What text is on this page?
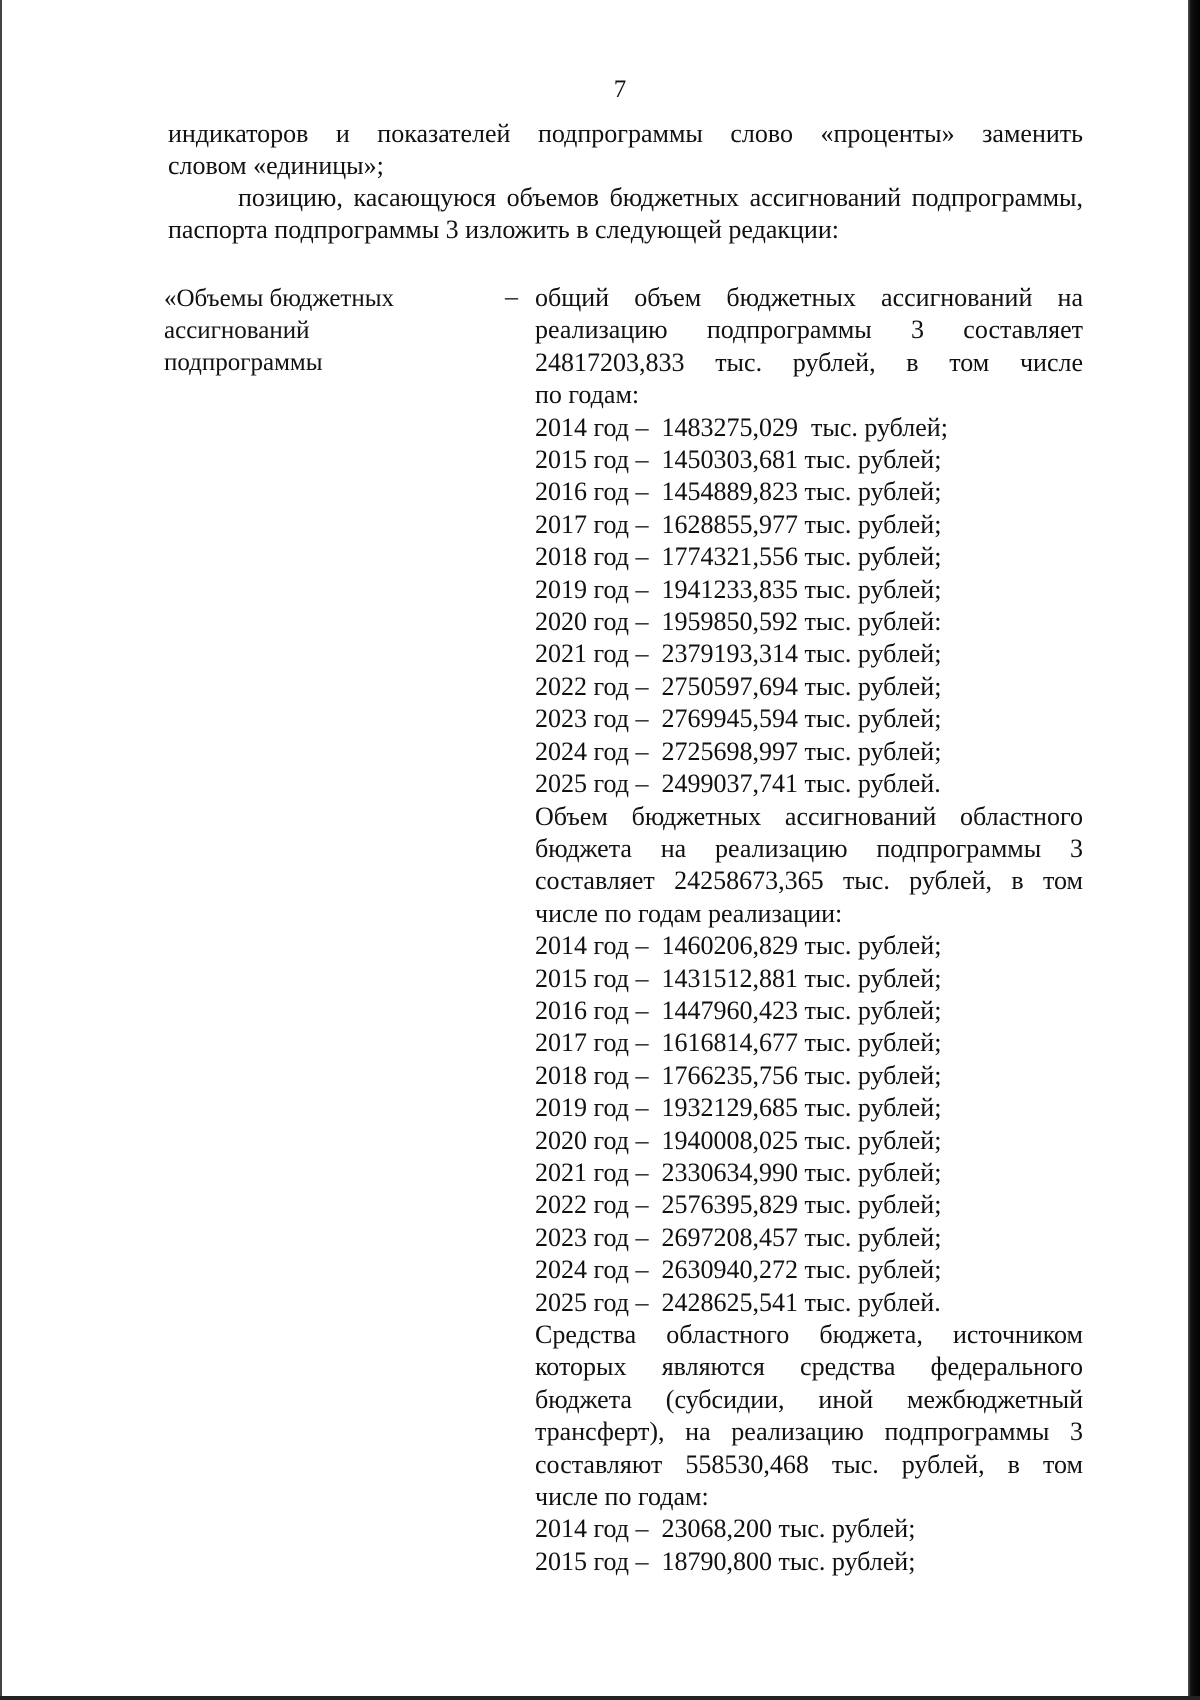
7

индикаторов и показателей подпрограммы слово «проценты» заменить

словом «единицы»;

позицию, касающуюся объемов бюджетных ассигнований подпрограммы, паспорта подпрограммы 3 изложить в следующей редакции:

«Объемы бюджетных
ассигнований
подпрограммы
– общий объем бюджетных ассигнований на реализацию подпрограммы 3 составляет 24817203,833 тыс. рублей, в том числе

по годам:

2014 год –  1483275,029  тыс. рублей;
2015 год –  1450303,681 тыс. рублей;
2016 год –  1454889,823 тыс. рублей;
2017 год –  1628855,977 тыс. рублей;
2018 год –  1774321,556 тыс. рублей;
2019 год –  1941233,835 тыс. рублей;
2020 год –  1959850,592 тыс. рублей:
2021 год –  2379193,314 тыс. рублей;
2022 год –  2750597,694 тыс. рублей;
2023 год –  2769945,594 тыс. рублей;
2024 год –  2725698,997 тыс. рублей;
2025 год –  2499037,741 тыс. рублей.

Объем бюджетных ассигнований областного бюджета на реализацию подпрограммы 3 составляет 24258673,365 тыс. рублей, в том

числе по годам реализации:

2014 год –  1460206,829 тыс. рублей;
2015 год –  1431512,881 тыс. рублей;
2016 год –  1447960,423 тыс. рублей;
2017 год –  1616814,677 тыс. рублей;
2018 год –  1766235,756 тыс. рублей;
2019 год –  1932129,685 тыс. рублей;
2020 год –  1940008,025 тыс. рублей;
2021 год –  2330634,990 тыс. рублей;
2022 год –  2576395,829 тыс. рублей;
2023 год –  2697208,457 тыс. рублей;
2024 год –  2630940,272 тыс. рублей;
2025 год –  2428625,541 тыс. рублей.

Средства областного бюджета, источником которых являются средства федерального бюджета (субсидии, иной межбюджетный трансферт), на реализацию подпрограммы 3 составляют 558530,468 тыс. рублей, в том

числе по годам:

2014 год –  23068,200 тыс. рублей;
2015 год –  18790,800 тыс. рублей;
